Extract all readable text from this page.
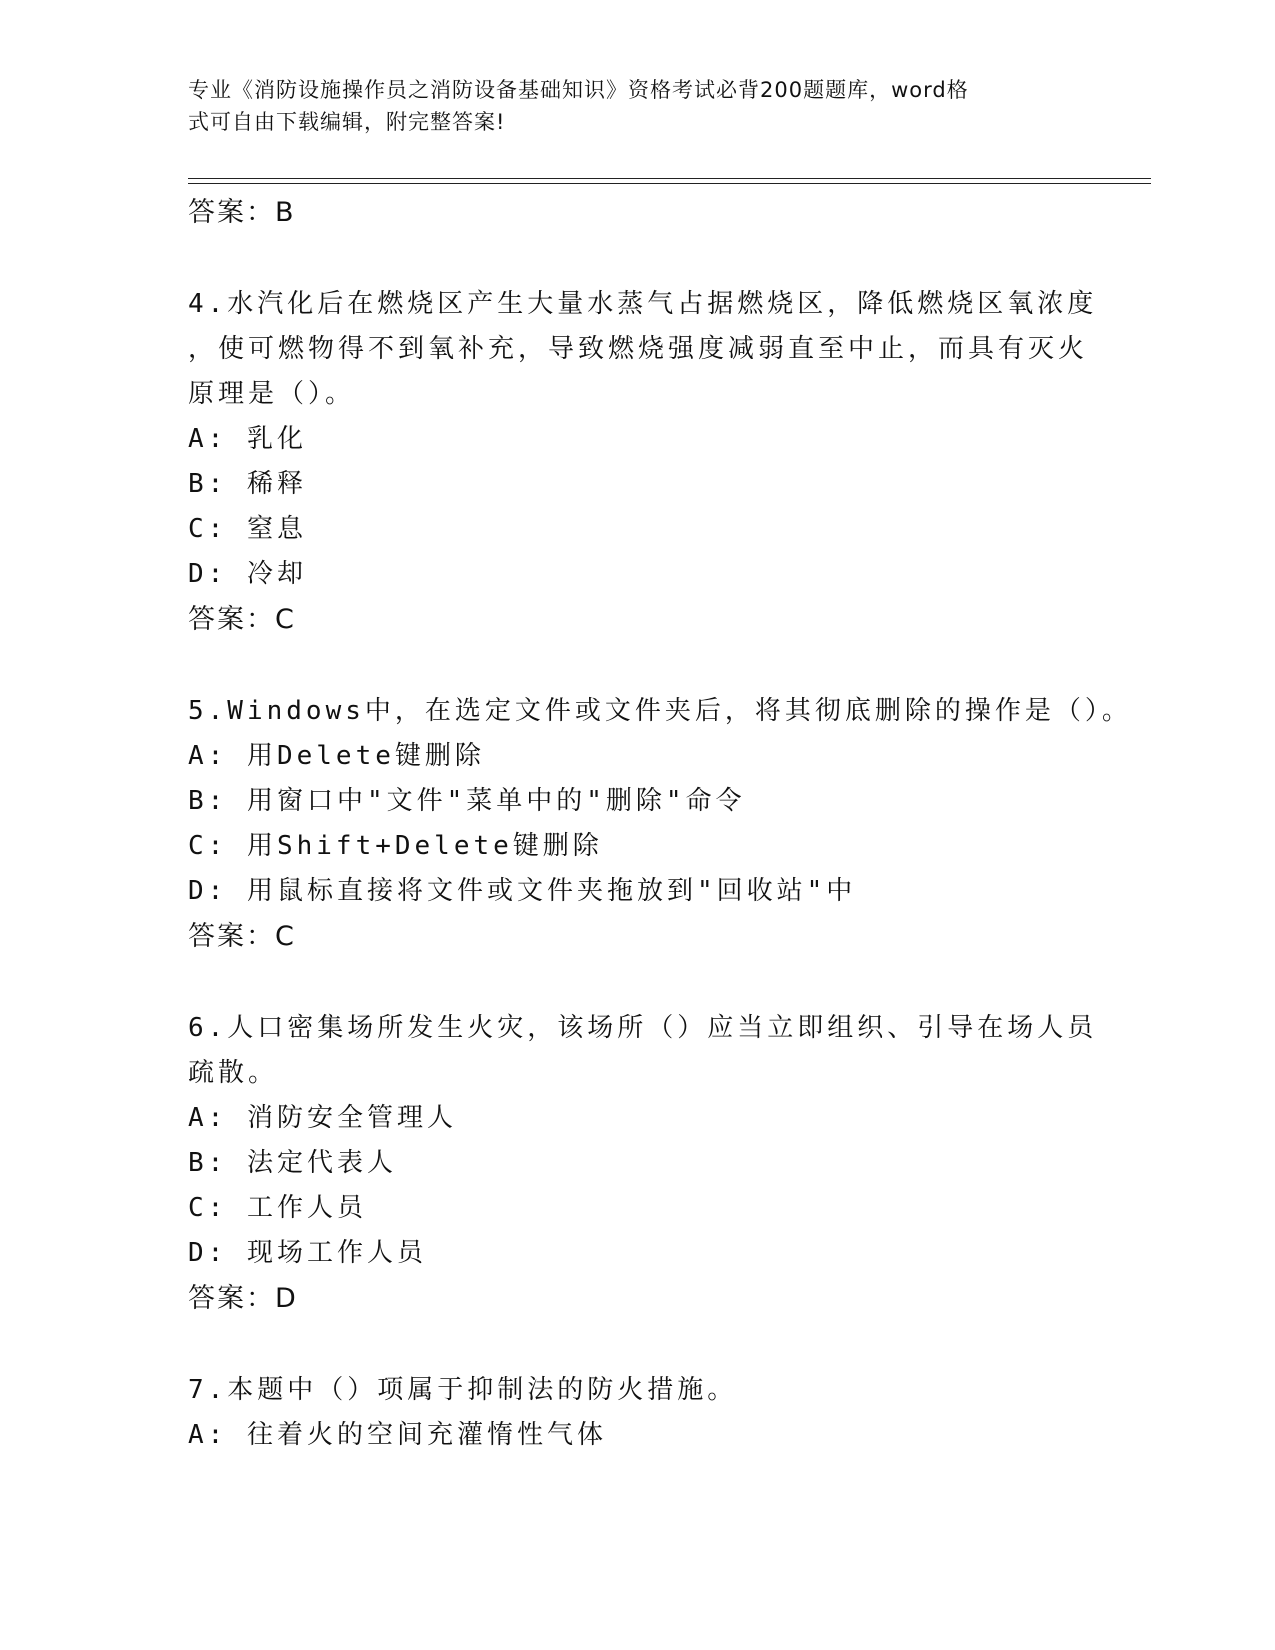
专业《消防设施操作员之消防设备基础知识》资格考试必背200题题库，word格
式可自由下载编辑，附完整答案!
答案：B
4.水汽化后在燃烧区产生大量水蒸气占据燃烧区，降低燃烧区氧浓度
，使可燃物得不到氧补充，导致燃烧强度减弱直至中止，而具有灭火
原理是（）。
A: 乳化
B: 稀释
C: 窒息
D: 冷却
答案：C
5.Windows中，在选定文件或文件夹后，将其彻底删除的操作是（）。
A: 用Delete键删除
B: 用窗口中"文件"菜单中的"删除"命令
C: 用Shift+Delete键删除
D: 用鼠标直接将文件或文件夹拖放到"回收站"中
答案：C
6.人口密集场所发生火灾，该场所（）应当立即组织、引导在场人员
疏散。
A: 消防安全管理人
B: 法定代表人
C: 工作人员
D: 现场工作人员
答案：D
7.本题中（）项属于抑制法的防火措施。
A: 往着火的空间充灌惰性气体
